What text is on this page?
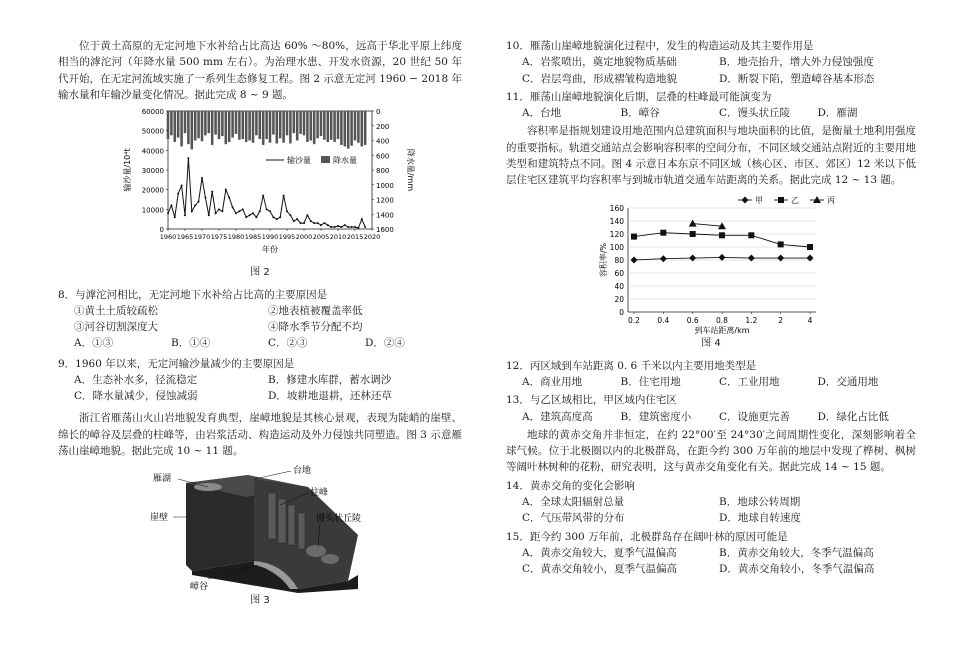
位于黄土高原的无定河地下水补给占比高达 60% ～80%，远高于华北平原上纬度相当的滹沱河（年降水量 500 mm 左右）。为治理水患、开发水资源，20 世纪 50 年代开始，在无定河流域实施了一系列生态修复工程。图 2 示意无定河 1960 − 2018 年输水量和年输沙量变化情况。据此完成 8 ~ 9 题。

60000
50000
40000
30000
20000
10000
0
0
200
400
600
800
1000
1200
1400
1600
1960 1965 1970 1975 1980 1985 1990 1995 2000 2005 2010 2015 2020
输沙量/10⁴t	降水量/mm
年份
输沙量	降水量

图 2

8．与滹沱河相比，无定河地下水补给占比高的主要原因是

①黄土土质较疏松	②地表植被覆盖率低
③河谷切割深度大	④降水季节分配不均
A．①③	B．①④	C．②③	D．②④

9．1960 年以来，无定河输沙量减少的主要原因是

A．生态补水多，径流稳定	B．修建水库群，蓄水调沙
C．降水量减少，侵蚀减弱	D．坡耕地退耕，还林还草

浙江省雁荡山火山岩地貌发育典型，崖嶂地貌是其核心景观，表现为陡峭的崖壁、绵长的嶂谷及层叠的柱峰等，由岩浆活动、构造运动及外力侵蚀共同塑造。图 3 示意雁荡山崖嶂地貌。据此完成 10 ~ 11 题。

雁湖
台地
崖壁
柱峰
馒头状丘陵
嶂谷

图 3

10．雁荡山崖嶂地貌演化过程中，发生的构造运动及其主要作用是

A．岩浆喷出，奠定地貌物质基础	B．地壳抬升，增大外力侵蚀强度
C．岩层弯曲，形成褶皱构造地貌	D．断裂下陷，塑造嶂谷基本形态

11．雁荡山崖嶂地貌演化后期，层叠的柱峰最可能演变为

A．台地	B．嶂谷	C．馒头状丘陵	D．雁湖

容积率是指规划建设用地范围内总建筑面积与地块面积的比值，是衡量土地利用强度的重要指标。轨道交通站点会影响容积率的空间分布，不同区域交通站点附近的主要用地类型和建筑特点不同。图 4 示意日本东京不同区域（核心区、市区、郊区）12 米以下低层住宅区建筑平均容积率与到城市轨道交通车站距离的关系。据此完成 12 ~ 13 题。

0
20
40
60
80
100
120
140
160
0.2 0.4 0.6 0.8 1.2	2	4
甲	乙	丙
容积率/%
到车站距离/km

图 4

12．丙区域到车站距离 0. 6 千米以内主要用地类型是

A．商业用地	B．住宅用地	C．工业用地	D．交通用地

13．与乙区域相比，甲区域内住宅区

A．建筑高度高	B．建筑密度小	C．设施更完善	D．绿化占比低

地球的黄赤交角并非恒定，在约 22°00′至 24°30′之间周期性变化，深刻影响着全球气候。位于北极圈以内的北极群岛，在距今约 300 万年前的地层中发现了桦树、枫树等阔叶林树种的花粉，研究表明，这与黄赤交角变化有关。据此完成 14 ~ 15 题。

14．黄赤交角的变化会影响

A．全球太阳辐射总量	B．地球公转周期
C．气压带风带的分布	D．地球自转速度

15．距今约 300 万年前，北极群岛存在阔叶林的原因可能是

A．黄赤交角较大，夏季气温偏高	B．黄赤交角较大，冬季气温偏高
C．黄赤交角较小，夏季气温偏高	D．黄赤交角较小，冬季气温偏高
